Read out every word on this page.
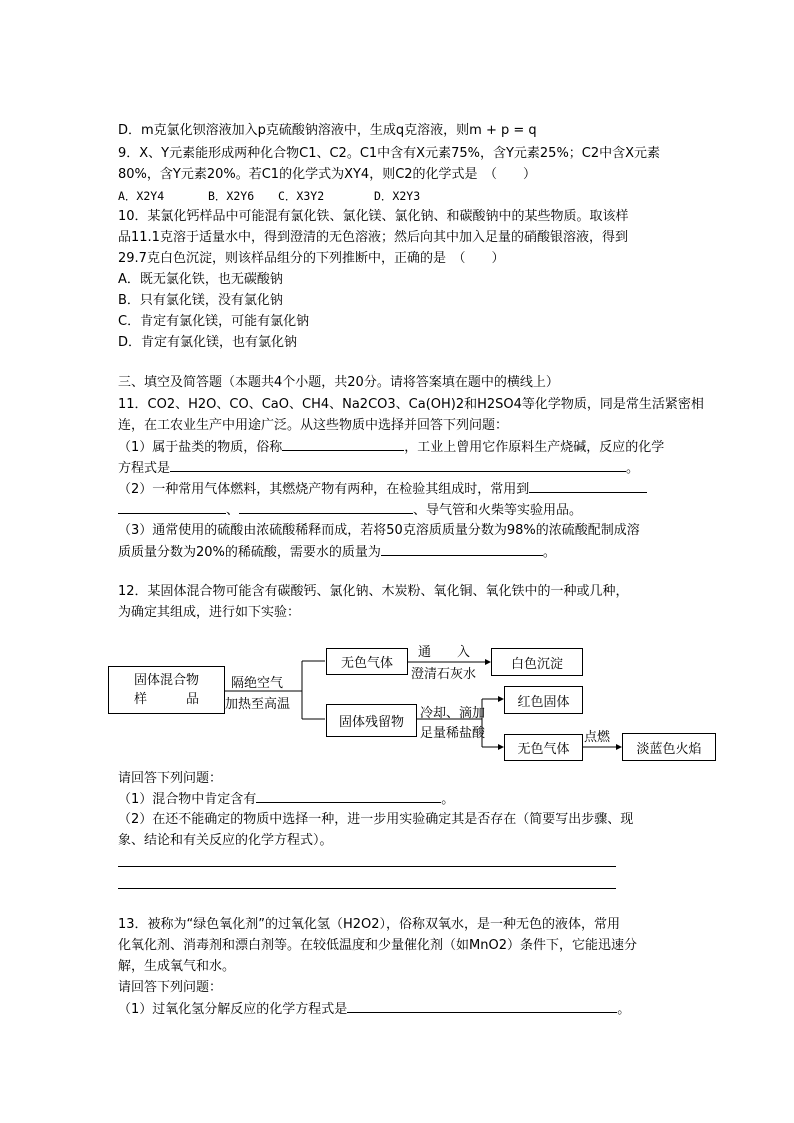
D．m克氯化钡溶液加入p克硫酸钠溶液中，生成q克溶液，则m + p = q
9．X、Y元素能形成两种化合物C1、C2。C1中含有X元素75%，含Y元素25%；C2中含X元素
80%，含Y元素20%。若C1的化学式为XY4，则C2的化学式是　（　　）
A．X2Y4	B．X2Y6 C．X3Y2	D．X2Y3
10．某氯化钙样品中可能混有氯化铁、氯化镁、氯化钠、和碳酸钠中的某些物质。取该样
品11.1克溶于适量水中，得到澄清的无色溶液；然后向其中加入足量的硝酸银溶液，得到
29.7克白色沉淀，则该样品组分的下列推断中，正确的是　（　　）
A．既无氯化铁，也无碳酸钠
B．只有氯化镁，没有氯化钠
C．肯定有氯化镁，可能有氯化钠
D．肯定有氯化镁，也有氯化钠
三、填空及简答题（本题共4个小题，共20分。请将答案填在题中的横线上）
11．CO2、H2O、CO、CaO、CH4、Na2CO3、Ca(OH)2和H2SO4等化学物质，同是常生活紧密相
连，在工农业生产中用途广泛。从这些物质中选择并回答下列问题：
（1）属于盐类的物质，俗称	，工业上曾用它作原料生产烧碱，反应的化学
方程式是	。
（2）一种常用气体燃料，其燃烧产物有两种，在检验其组成时，常用到
、	、导气管和火柴等实验用品。
（3）通常使用的硫酸由浓硫酸稀释而成，若将50克溶质质量分数为98%的浓硫酸配制成溶
质质量分数为20%的稀硫酸，需要水的质量为	。
12．某固体混合物可能含有碳酸钙、氯化钠、木炭粉、氧化铜、氧化铁中的一种或几种，
为确定其组成，进行如下实验：
固体混合物
样　　　品
隔绝空气
加热至高温
无色气体
通　　入
澄清石灰水
白色沉淀
固体残留物
冷却、滴加
足量稀盐酸
红色固体
无色气体
点燃
淡蓝色火焰
请回答下列问题：
（1）混合物中肯定含有	。
（2）在还不能确定的物质中选择一种，进一步用实验确定其是否存在（简要写出步骤、现
象、结论和有关反应的化学方程式）。
13．被称为“绿色氧化剂”的过氧化氢（H2O2），俗称双氧水，是一种无色的液体，常用
化氧化剂、消毒剂和漂白剂等。在较低温度和少量催化剂（如MnO2）条件下，它能迅速分
解，生成氧气和水。
请回答下列问题：
（1）过氧化氢分解反应的化学方程式是	。
